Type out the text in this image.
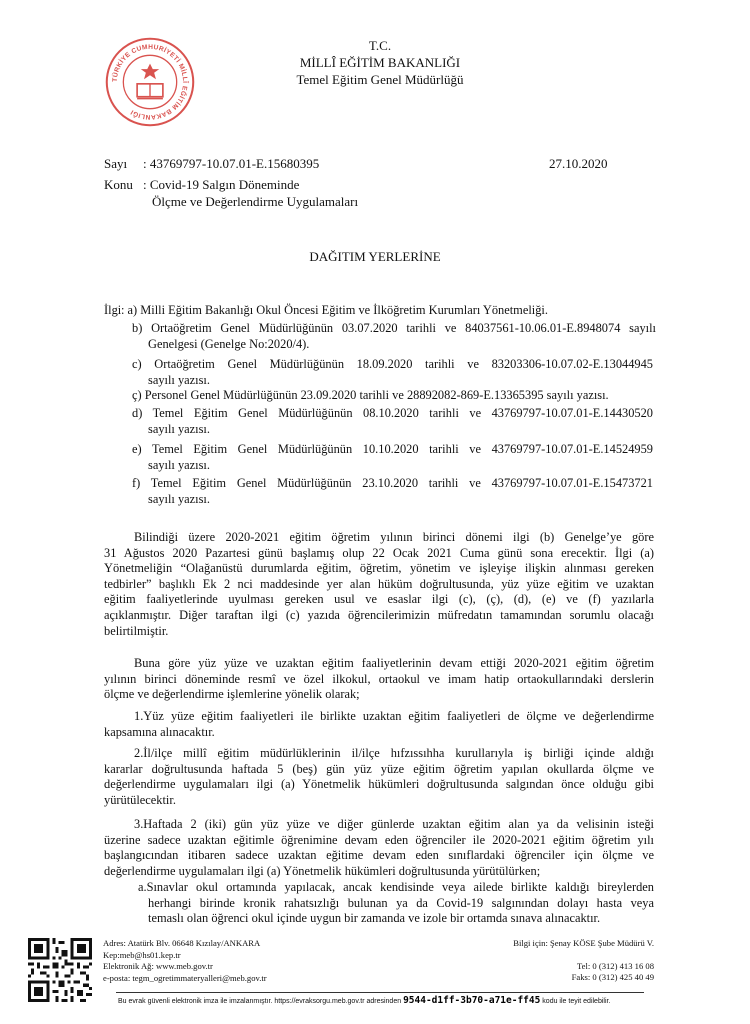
TÜRKİYE CUMHURİYETİ MİLLÎ EĞİTİM BAKANLIĞI
T.C.
MİLLÎ EĞİTİM BAKANLIĞI
Temel Eğitim Genel Müdürlüğü
Sayı : 43769797-10.07.01-E.15680395	27.10.2020
Konu : Covid-19 Salgın Döneminde
Ölçme ve Değerlendirme Uygulamaları
DAĞITIM YERLERİNE
İlgi : a) Milli Eğitim Bakanlığı Okul Öncesi Eğitim ve İlköğretim Kurumları Yönetmeliği.
b) Ortaöğretim Genel Müdürlüğünün 03.07.2020 tarihli ve 84037561-10.06.01-E.8948074 sayılı
Genelgesi (Genelge No:2020/4).
c) Ortaöğretim Genel Müdürlüğünün 18.09.2020 tarihli ve 83203306-10.07.02-E.13044945
sayılı yazısı.
ç) Personel Genel Müdürlüğünün 23.09.2020 tarihli ve 28892082-869-E.13365395 sayılı yazısı.
d) Temel Eğitim Genel Müdürlüğünün 08.10.2020 tarihli ve 43769797-10.07.01-E.14430520
sayılı yazısı.
e) Temel Eğitim Genel Müdürlüğünün 10.10.2020 tarihli ve 43769797-10.07.01-E.14524959
sayılı yazısı.
f) Temel Eğitim Genel Müdürlüğünün 23.10.2020 tarihli ve 43769797-10.07.01-E.15473721
sayılı yazısı.
Bilindiği üzere 2020-2021 eğitim öğretim yılının birinci dönemi ilgi (b) Genelge’ye göre
31 Ağustos 2020 Pazartesi günü başlamış olup 22 Ocak 2021 Cuma günü sona erecektir. İlgi (a)
Yönetmeliğin “Olağanüstü durumlarda eğitim, öğretim, yönetim ve işleyişe ilişkin alınması gereken
tedbirler” başlıklı Ek 2 nci maddesinde yer alan hüküm doğrultusunda, yüz yüze eğitim ve uzaktan
eğitim faaliyetlerinde uyulması gereken usul ve esaslar ilgi (c), (ç), (d), (e) ve (f) yazılarla
açıklanmıştır. Diğer taraftan ilgi (c) yazıda öğrencilerimizin müfredatın tamamından sorumlu olacağı
belirtilmiştir.
Buna göre yüz yüze ve uzaktan eğitim faaliyetlerinin devam ettiği 2020-2021 eğitim öğretim
yılının birinci döneminde resmî ve özel ilkokul, ortaokul ve imam hatip ortaokullarındaki derslerin
ölçme ve değerlendirme işlemlerine yönelik olarak;
1.Yüz yüze eğitim faaliyetleri ile birlikte uzaktan eğitim faaliyetleri de ölçme ve değerlendirme
kapsamına alınacaktır.
2.İl/ilçe millî eğitim müdürlüklerinin il/ilçe hıfzıssıhha kurullarıyla iş birliği içinde aldığı
kararlar doğrultusunda haftada 5 (beş) gün yüz yüze eğitim öğretim yapılan okullarda ölçme ve
değerlendirme uygulamaları ilgi (a) Yönetmelik hükümleri doğrultusunda salgından önce olduğu gibi
yürütülecektir.
3.Haftada 2 (iki) gün yüz yüze ve diğer günlerde uzaktan eğitim alan ya da velisinin isteği
üzerine sadece uzaktan eğitimle öğrenimine devam eden öğrenciler ile 2020-2021 eğitim öğretim yılı
başlangıcından itibaren sadece uzaktan eğitime devam eden sınıflardaki öğrenciler için ölçme ve
değerlendirme uygulamaları ilgi (a) Yönetmelik hükümleri doğrultusunda yürütülürken;
a.Sınavlar okul ortamında yapılacak, ancak kendisinde veya ailede birlikte kaldığı bireylerden
herhangi birinde kronik rahatsızlığı bulunan ya da Covid-19 salgınından dolayı hasta veya
temaslı olan öğrenci okul içinde uygun bir zamanda ve izole bir ortamda sınava alınacaktır.
Adres: Atatürk Blv. 06648 Kızılay/ANKARA
Kep:meb@hs01.kep.tr
Elektronik Ağ: www.meb.gov.tr
e-posta: tegm_ogretimmateryalleri@meb.gov.tr
Bilgi için: Şenay KÖSE Şube Müdürü V.
Tel: 0 (312) 413 16 08
Faks: 0 (312) 425 40 49
Bu evrak güvenli elektronik imza ile imzalanmıştır. https://evraksorgu.meb.gov.tr adresinden 9544-d1ff-3b70-a71e-ff45 kodu ile teyit edilebilir.
